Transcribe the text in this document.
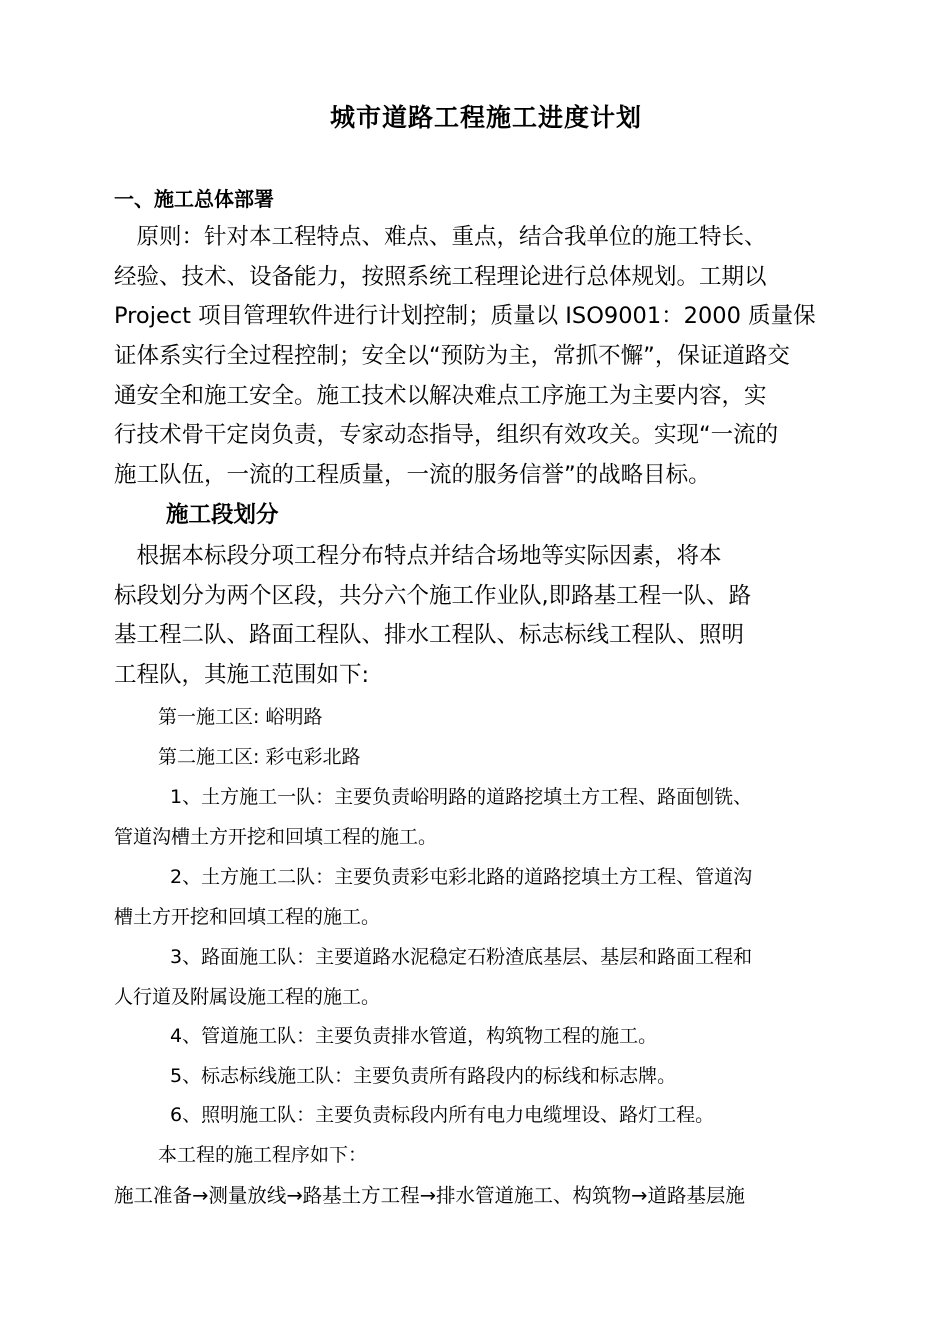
城市道路工程施工进度计划
一、施工总体部署
　原则：针对本工程特点、难点、重点，结合我单位的施工特长、
经验、技术、设备能力，按照系统工程理论进行总体规划。工期以
Project 项目管理软件进行计划控制；质量以 ISO9001：2000 质量保
证体系实行全过程控制；安全以“预防为主，常抓不懈”，保证道路交
通安全和施工安全。施工技术以解决难点工序施工为主要内容，实
行技术骨干定岗负责，专家动态指导，组织有效攻关。实现“一流的
施工队伍，一流的工程质量，一流的服务信誉”的战略目标。
施工段划分
　根据本标段分项工程分布特点并结合场地等实际因素，将本
标段划分为两个区段，共分六个施工作业队,即路基工程一队、路
基工程二队、路面工程队、排水工程队、标志标线工程队、照明
工程队，其施工范围如下:
第一施工区: 峪明路
第二施工区: 彩屯彩北路
1、土方施工一队：主要负责峪明路的道路挖填土方工程、路面刨铣、
管道沟槽土方开挖和回填工程的施工。
2、土方施工二队：主要负责彩屯彩北路的道路挖填土方工程、管道沟
槽土方开挖和回填工程的施工。
3、路面施工队：主要道路水泥稳定石粉渣底基层、基层和路面工程和
人行道及附属设施工程的施工。
4、管道施工队：主要负责排水管道，构筑物工程的施工。
5、标志标线施工队：主要负责所有路段内的标线和标志牌。
6、照明施工队：主要负责标段内所有电力电缆埋设、路灯工程。
本工程的施工程序如下：
施工准备→测量放线→路基土方工程→排水管道施工、构筑物→道路基层施
